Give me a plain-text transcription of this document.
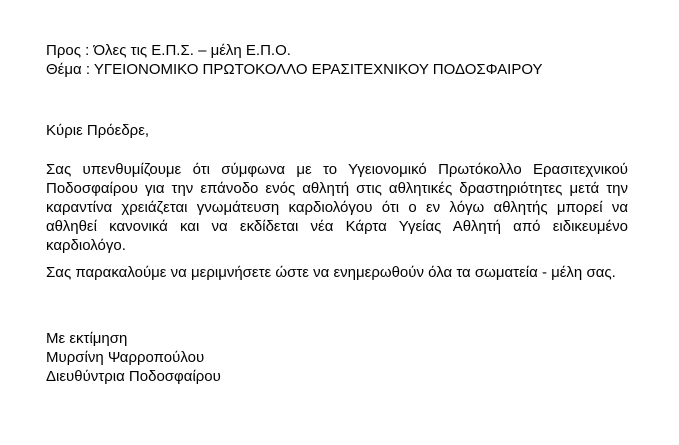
Προς : Όλες τις Ε.Π.Σ. – μέλη Ε.Π.Ο.
Θέμα : ΥΓΕΙΟΝΟΜΙΚΟ ΠΡΩΤΟΚΟΛΛΟ ΕΡΑΣΙΤΕΧΝΙΚΟΥ ΠΟΔΟΣΦΑΙΡΟΥ
Κύριε Πρόεδρε,

Σας υπενθυμίζουμε ότι σύμφωνα με το Υγειονομικό Πρωτόκολλο Ερασιτεχνικού Ποδοσφαίρου για την επάνοδο ενός αθλητή στις αθλητικές δραστηριότητες μετά την καραντίνα χρειάζεται γνωμάτευση καρδιολόγου ότι ο εν λόγω αθλητής μπορεί να αθληθεί κανονικά και να εκδίδεται νέα Κάρτα Υγείας Αθλητή από ειδικευμένο καρδιολόγο.

Σας παρακαλούμε να μεριμνήσετε ώστε να ενημερωθούν όλα τα σωματεία - μέλη σας.

Με εκτίμηση
Μυρσίνη Ψαρροπούλου
Διευθύντρια Ποδοσφαίρου
